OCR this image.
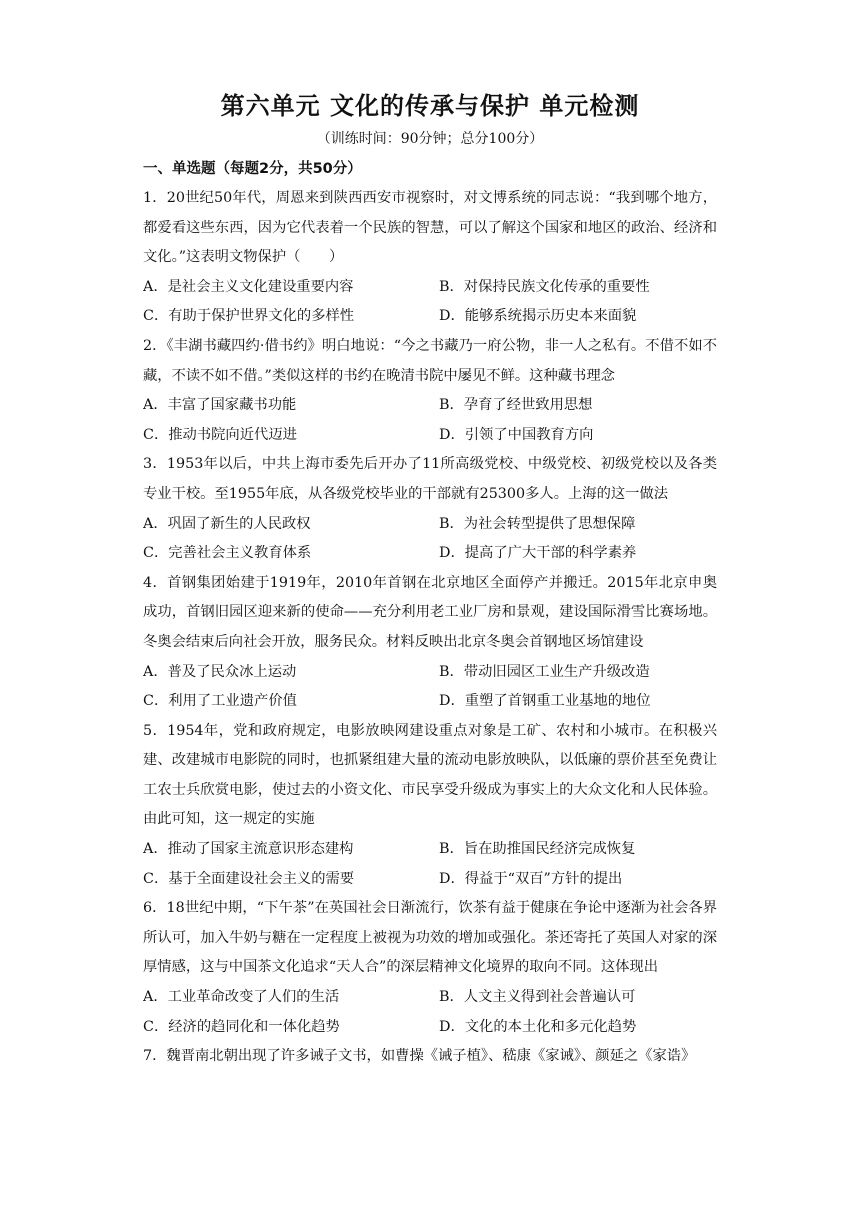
第六单元 文化的传承与保护 单元检测

（训练时间：90分钟；总分100分）

一、单选题（每题2分，共50分）

1．20世纪50年代，周恩来到陕西西安市视察时，对文博系统的同志说：“我到哪个地方，都爱看这些东西，因为它代表着一个民族的智慧，可以了解这个国家和地区的政治、经济和文化。”这表明文物保护（　　）

A．是社会主义文化建设重要内容	B．对保持民族文化传承的重要性
C．有助于保护世界文化的多样性	D．能够系统揭示历史本来面貌

2．《丰湖书藏四约·借书约》明白地说：“今之书藏乃一府公物，非一人之私有。不借不如不藏，不读不如不借。”类似这样的书约在晚清书院中屡见不鲜。这种藏书理念

A．丰富了国家藏书功能	B．孕育了经世致用思想
C．推动书院向近代迈进	D．引领了中国教育方向

3．1953年以后，中共上海市委先后开办了11所高级党校、中级党校、初级党校以及各类专业干校。至1955年底，从各级党校毕业的干部就有25300多人。上海的这一做法

A．巩固了新生的人民政权	B．为社会转型提供了思想保障
C．完善社会主义教育体系	D．提高了广大干部的科学素养

4．首钢集团始建于1919年，2010年首钢在北京地区全面停产并搬迁。2015年北京申奥成功，首钢旧园区迎来新的使命——充分利用老工业厂房和景观，建设国际滑雪比赛场地。冬奥会结束后向社会开放，服务民众。材料反映出北京冬奥会首钢地区场馆建设

A．普及了民众冰上运动	B．带动旧园区工业生产升级改造
C．利用了工业遗产价值	D．重塑了首钢重工业基地的地位

5．1954年，党和政府规定，电影放映网建设重点对象是工矿、农村和小城市。在积极兴建、改建城市电影院的同时，也抓紧组建大量的流动电影放映队，以低廉的票价甚至免费让工农士兵欣赏电影，使过去的小资文化、市民享受升级成为事实上的大众文化和人民体验。由此可知，这一规定的实施

A．推动了国家主流意识形态建构	B．旨在助推国民经济完成恢复
C．基于全面建设社会主义的需要	D．得益于“双百”方针的提出

6．18世纪中期，“下午茶”在英国社会日渐流行，饮茶有益于健康在争论中逐渐为社会各界所认可，加入牛奶与糖在一定程度上被视为功效的增加或强化。茶还寄托了英国人对家的深厚情感，这与中国茶文化追求“天人合”的深层精神文化境界的取向不同。这体现出

A．工业革命改变了人们的生活	B．人文主义得到社会普遍认可
C．经济的趋同化和一体化趋势	D．文化的本土化和多元化趋势

7．魏晋南北朝出现了许多诫子文书，如曹操《诫子植》、嵇康《家诫》、颜延之《家诰》
